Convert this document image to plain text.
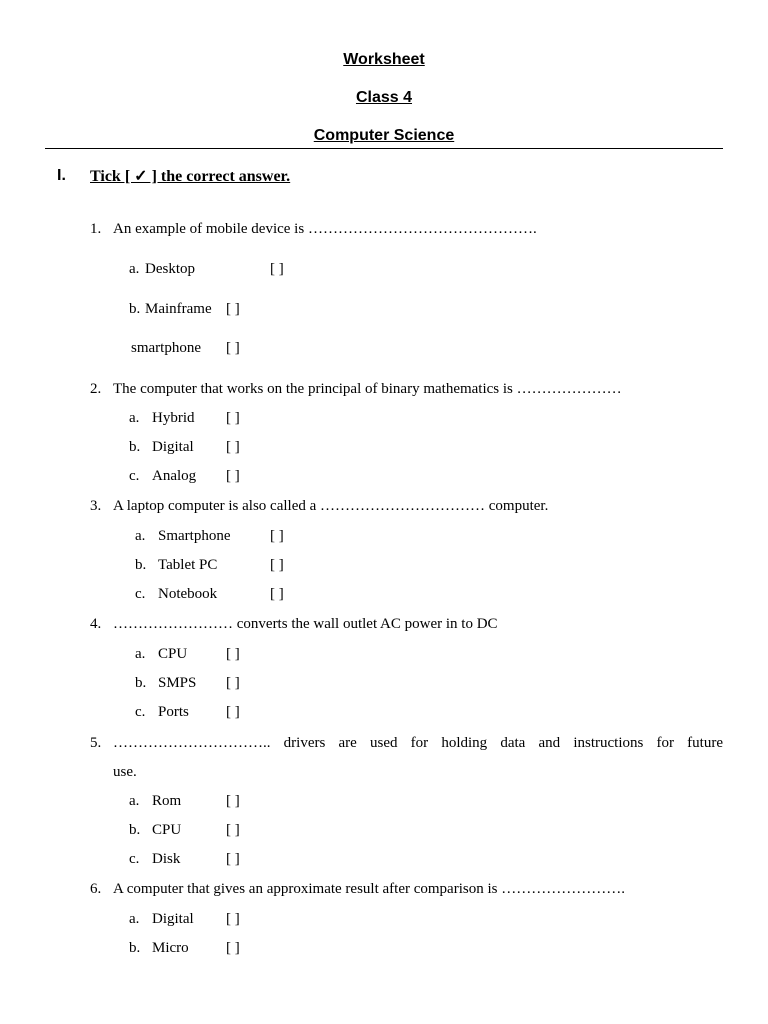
Worksheet
Class 4
Computer Science
I. Tick [ ✓ ] the correct answer.
1. An example of mobile device is ……………………………………….
a. Desktop	[ ]
b. Mainframe [ ]
smartphone [ ]
2. The computer that works on the principal of binary mathematics is …………………
a. Hybrid [ ]
b. Digital [ ]
c. Analog [ ]
3. A laptop computer is also called a …………………………… computer.
a. Smartphone	[ ]
b. Tablet PC	[ ]
c. Notebook	[ ]
4. …………………… converts the wall outlet AC power in to DC
a. CPU	[ ]
b. SMPS [ ]
c. Ports [ ]
5. ………………………….. drivers are used for holding data and instructions for future
use.
a. Rom	[ ]
b. CPU	[ ]
c. Disk	[ ]
6. A computer that gives an approximate result after comparison is …………………….
a. Digital [ ]
b. Micro [ ]
